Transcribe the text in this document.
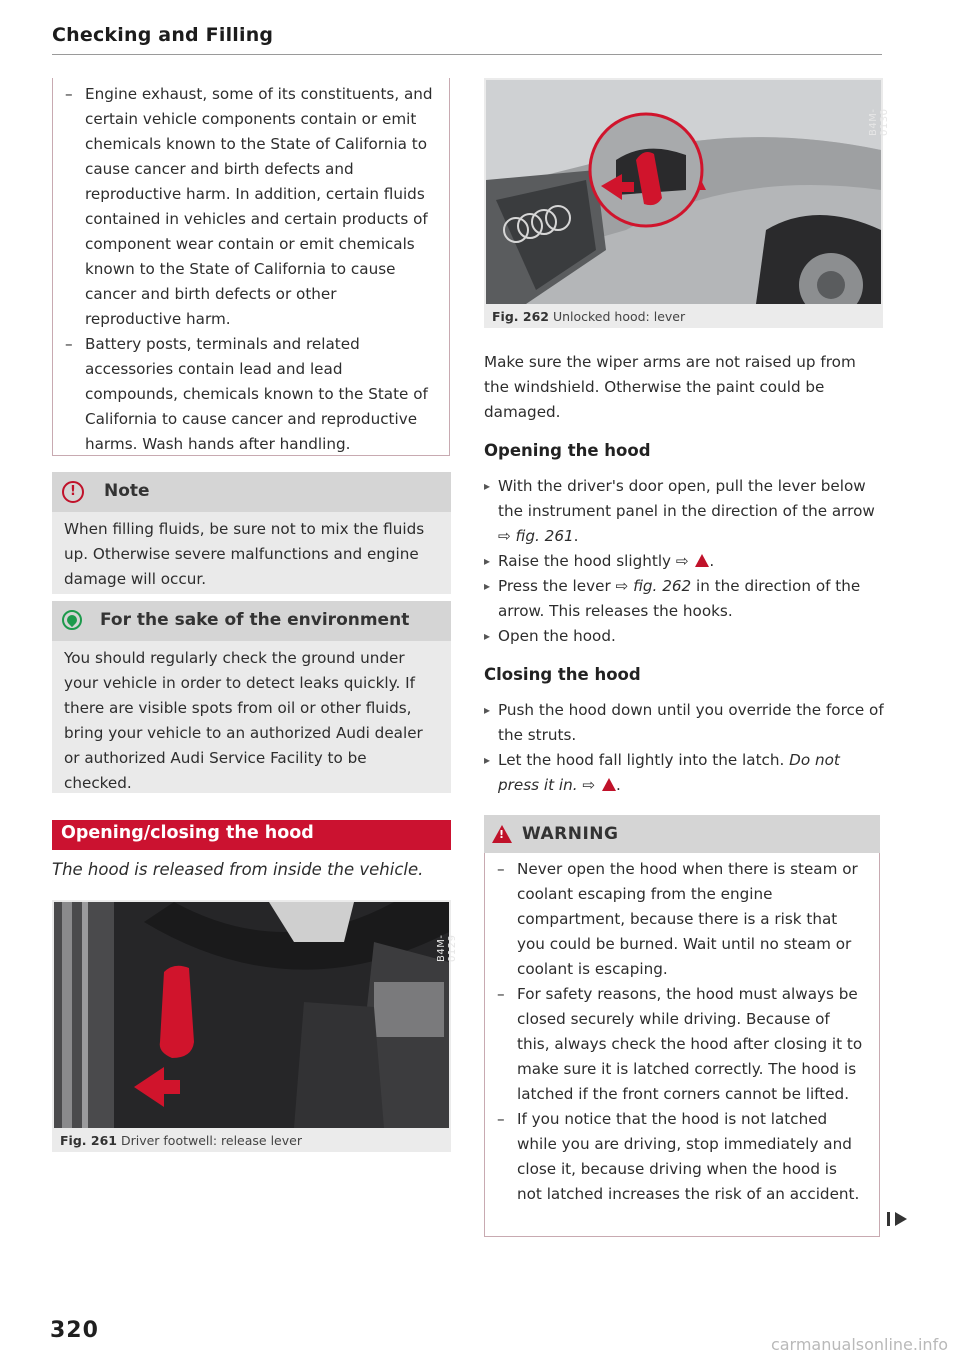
Checking and Filling
– Engine exhaust, some of its constituents, and certain vehicle components contain or emit chemicals known to the State of California to cause cancer and birth defects and reproductive harm. In addition, certain fluids contained in vehicles and certain products of component wear contain or emit chemicals known to the State of California to cause cancer and birth defects or other reproductive harm.
– Battery posts, terminals and related accessories contain lead and lead compounds, chemicals known to the State of California to cause cancer and reproductive harms. Wash hands after handling.
!	Note
When filling fluids, be sure not to mix the fluids up. Otherwise severe malfunctions and engine damage will occur.
For the sake of the environment
You should regularly check the ground under your vehicle in order to detect leaks quickly. If there are visible spots from oil or other fluids, bring your vehicle to an authorized Audi dealer or authorized Audi Service Facility to be checked.
Opening/closing the hood
The hood is released from inside the vehicle.
B4M-0129
Fig. 261 Driver footwell: release lever
320
B4M-0130
Fig. 262 Unlocked hood: lever
Make sure the wiper arms are not raised up from the windshield. Otherwise the paint could be damaged.
Opening the hood
▸ With the driver's door open, pull the lever below the instrument panel in the direction of the arrow ⇨ fig. 261.
▸ Raise the hood slightly ⇨ .
▸ Press the lever ⇨ fig. 262 in the direction of the arrow. This releases the hooks.
▸ Open the hood.
Closing the hood
▸ Push the hood down until you override the force of the struts.
▸ Let the hood fall lightly into the latch. Do not press it in. ⇨ .
!
WARNING
– Never open the hood when there is steam or coolant escaping from the engine compartment, because there is a risk that you could be burned. Wait until no steam or coolant is escaping.
– For safety reasons, the hood must always be closed securely while driving. Because of this, always check the hood after closing it to make sure it is latched correctly. The hood is latched if the front corners cannot be lifted.
– If you notice that the hood is not latched while you are driving, stop immediately and close it, because driving when the hood is not latched increases the risk of an accident.
carmanualsonline.info
